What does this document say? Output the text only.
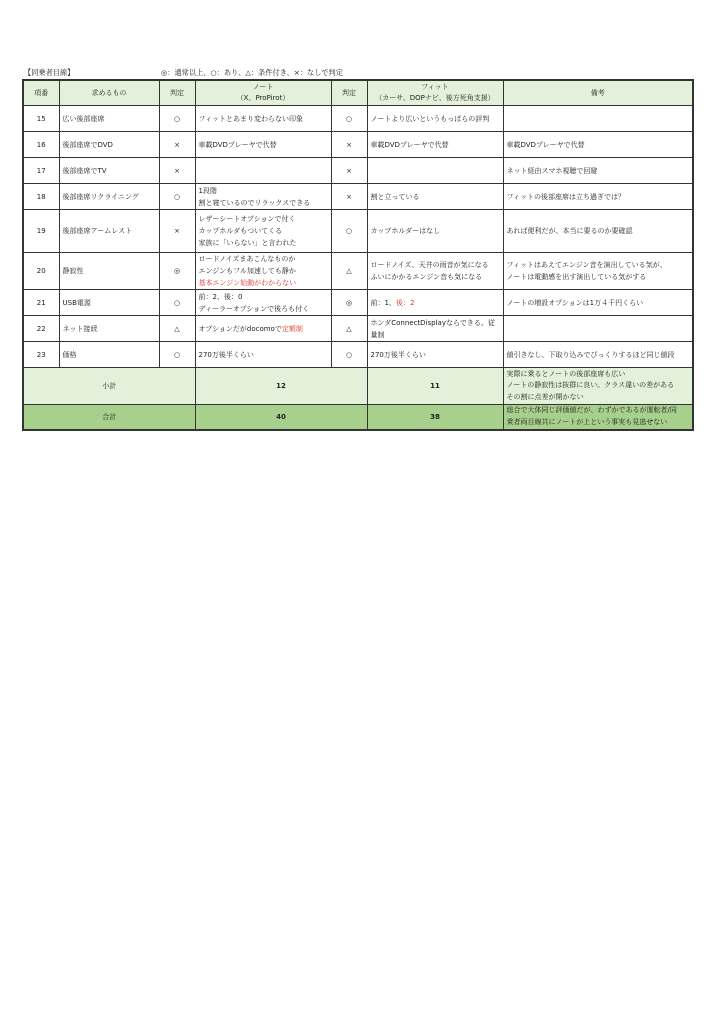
【同乗者目線】	◎：通常以上、○：あり、△：条件付き、×：なしで判定
項番	求めるもの	判定	ノート
（X、ProPirot）	判定	フィット
（カーサ、DOPナビ、後方死角支援）	備考
15	広い後部座席	○	フィットとあまり変わらない印象	○	ノートより広いというもっぱらの評判	
16	後部座席でDVD	×	車載DVDプレーヤで代替	×	車載DVDプレーヤで代替	車載DVDプレーヤで代替
17	後部座席でTV	×		×		ネット経由スマホ視聴で回避
18	後部座席リクライニング	○	1段階
割と寝ているのでリラックスできる	×	割と立っている	フィットの後部座席は立ち過ぎでは？
19	後部座席アームレスト	×	レザーシートオプションで付く
カップホルダもついてくる
家族に「いらない」と言われた	○	カップホルダーはなし	あれば便利だが、本当に要るのか要確認
20	静寂性	◎	ロードノイズまあこんなものか
エンジンもフル加速しても静か
基本エンジン始動がわからない	△	ロードノイズ、天井の雨音が気になる
ふいにかかるエンジン音も気になる	フィットはあえてエンジン音を演出している気が、
ノートは電動感を出す演出している気がする

21	USB電源	○	前：2、後：0
ディーラーオプションで後ろも付く	◎	前：1、後：2	ノートの増設オプションは1万４千円くらい
22	ネット接続	△	オプションだがdocomoで定額制	△	ホンダConnectDisplayならできる。従
量制	

23	価格	○	270万後半くらい	○	270万後半くらい	値引きなし、下取り込みでびっくりするほど同じ値段
小計			12		11	実際に乗るとノートの後部座席も広い
ノートの静寂性は抜群に良い。クラス違いの差がある
その割に点差が開かない

合計			40		38	総合で大体同じ評価値だが、わずかであるが運転者/同
乗者両目線共にノートが上という事実も見逃せない
